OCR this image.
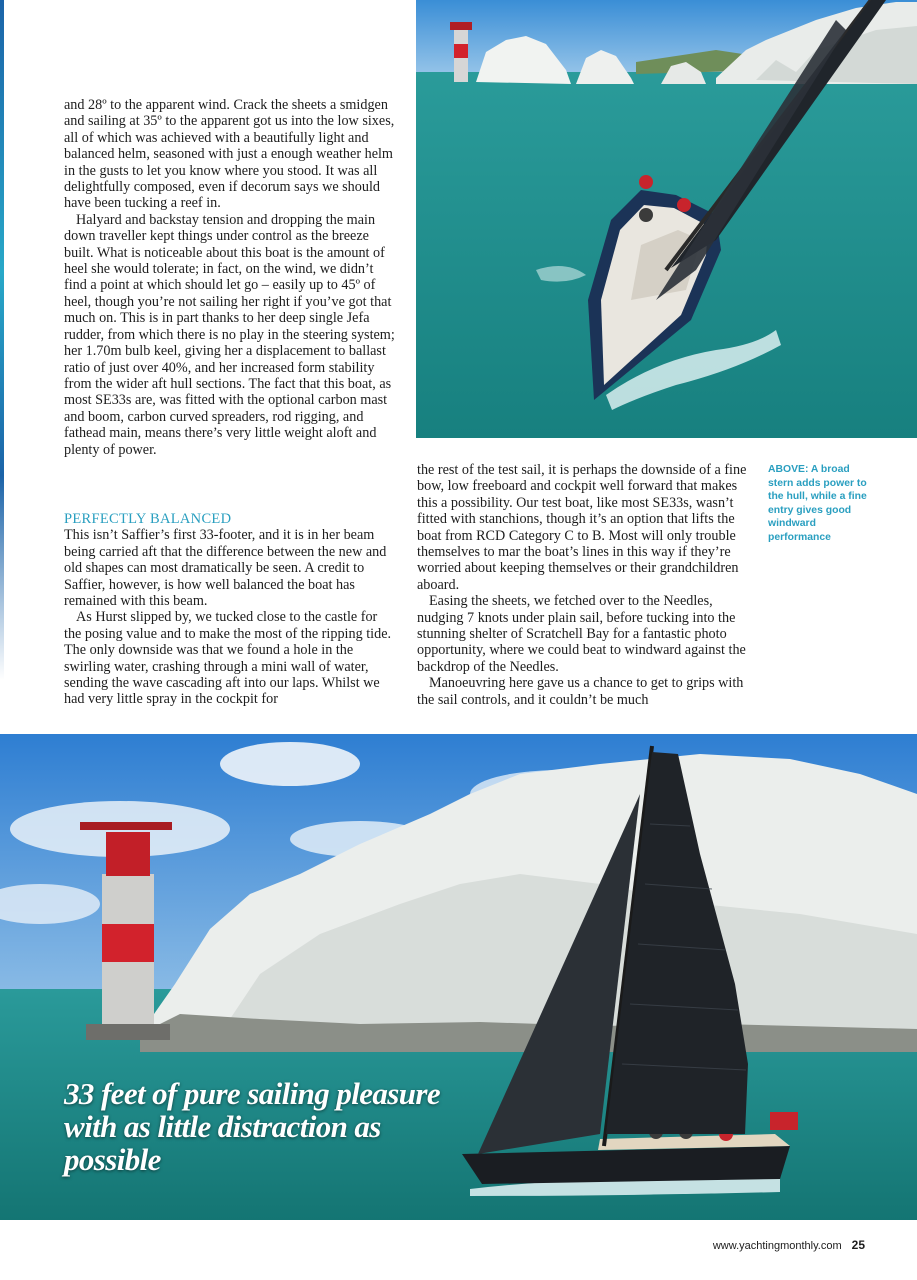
and 28º to the apparent wind. Crack the sheets a smidgen and sailing at 35º to the apparent got us into the low sixes, all of which was achieved with a beautifully light and balanced helm, seasoned with just a enough weather helm in the gusts to let you know where you stood. It was all delightfully composed, even if decorum says we should have been tucking a reef in.

Halyard and backstay tension and dropping the main down traveller kept things under control as the breeze built. What is noticeable about this boat is the amount of heel she would tolerate; in fact, on the wind, we didn’t find a point at which should let go – easily up to 45º of heel, though you’re not sailing her right if you’ve got that much on. This is in part thanks to her deep single Jefa rudder, from which there is no play in the steering system; her 1.70m bulb keel, giving her a displacement to ballast ratio of just over 40%, and her increased form stability from the wider aft hull sections. The fact that this boat, as most SE33s are, was fitted with the optional carbon mast and boom, carbon curved spreaders, rod rigging, and fathead main, means there’s very little weight aloft and plenty of power.

PERFECTLY BALANCED

This isn’t Saffier’s first 33-footer, and it is in her beam being carried aft that the difference between the new and old shapes can most dramatically be seen. A credit to Saffier, however, is how well balanced the boat has remained with this beam.

As Hurst slipped by, we tucked close to the castle for the posing value and to make the most of the ripping tide. The only downside was that we found a hole in the swirling water, crashing through a mini wall of water, sending the wave cascading aft into our laps. Whilst we had very little spray in the cockpit for

the rest of the test sail, it is perhaps the downside of a fine bow, low freeboard and cockpit well forward that makes this a possibility. Our test boat, like most SE33s, wasn’t fitted with stanchions, though it’s an option that lifts the boat from RCD Category C to B. Most will only trouble themselves to mar the boat’s lines in this way if they’re worried about keeping themselves or their grandchildren aboard.

Easing the sheets, we fetched over to the Needles, nudging 7 knots under plain sail, before tucking into the stunning shelter of Scratchell Bay for a fantastic photo opportunity, where we could beat to windward against the backdrop of the Needles.

Manoeuvring here gave us a chance to get to grips with the sail controls, and it couldn’t be much

ABOVE: A broad stern adds power to the hull, while a fine entry gives good windward performance
33 feet of pure sailing pleasure with as little distraction as possible
www.yachtingmonthly.com 25
